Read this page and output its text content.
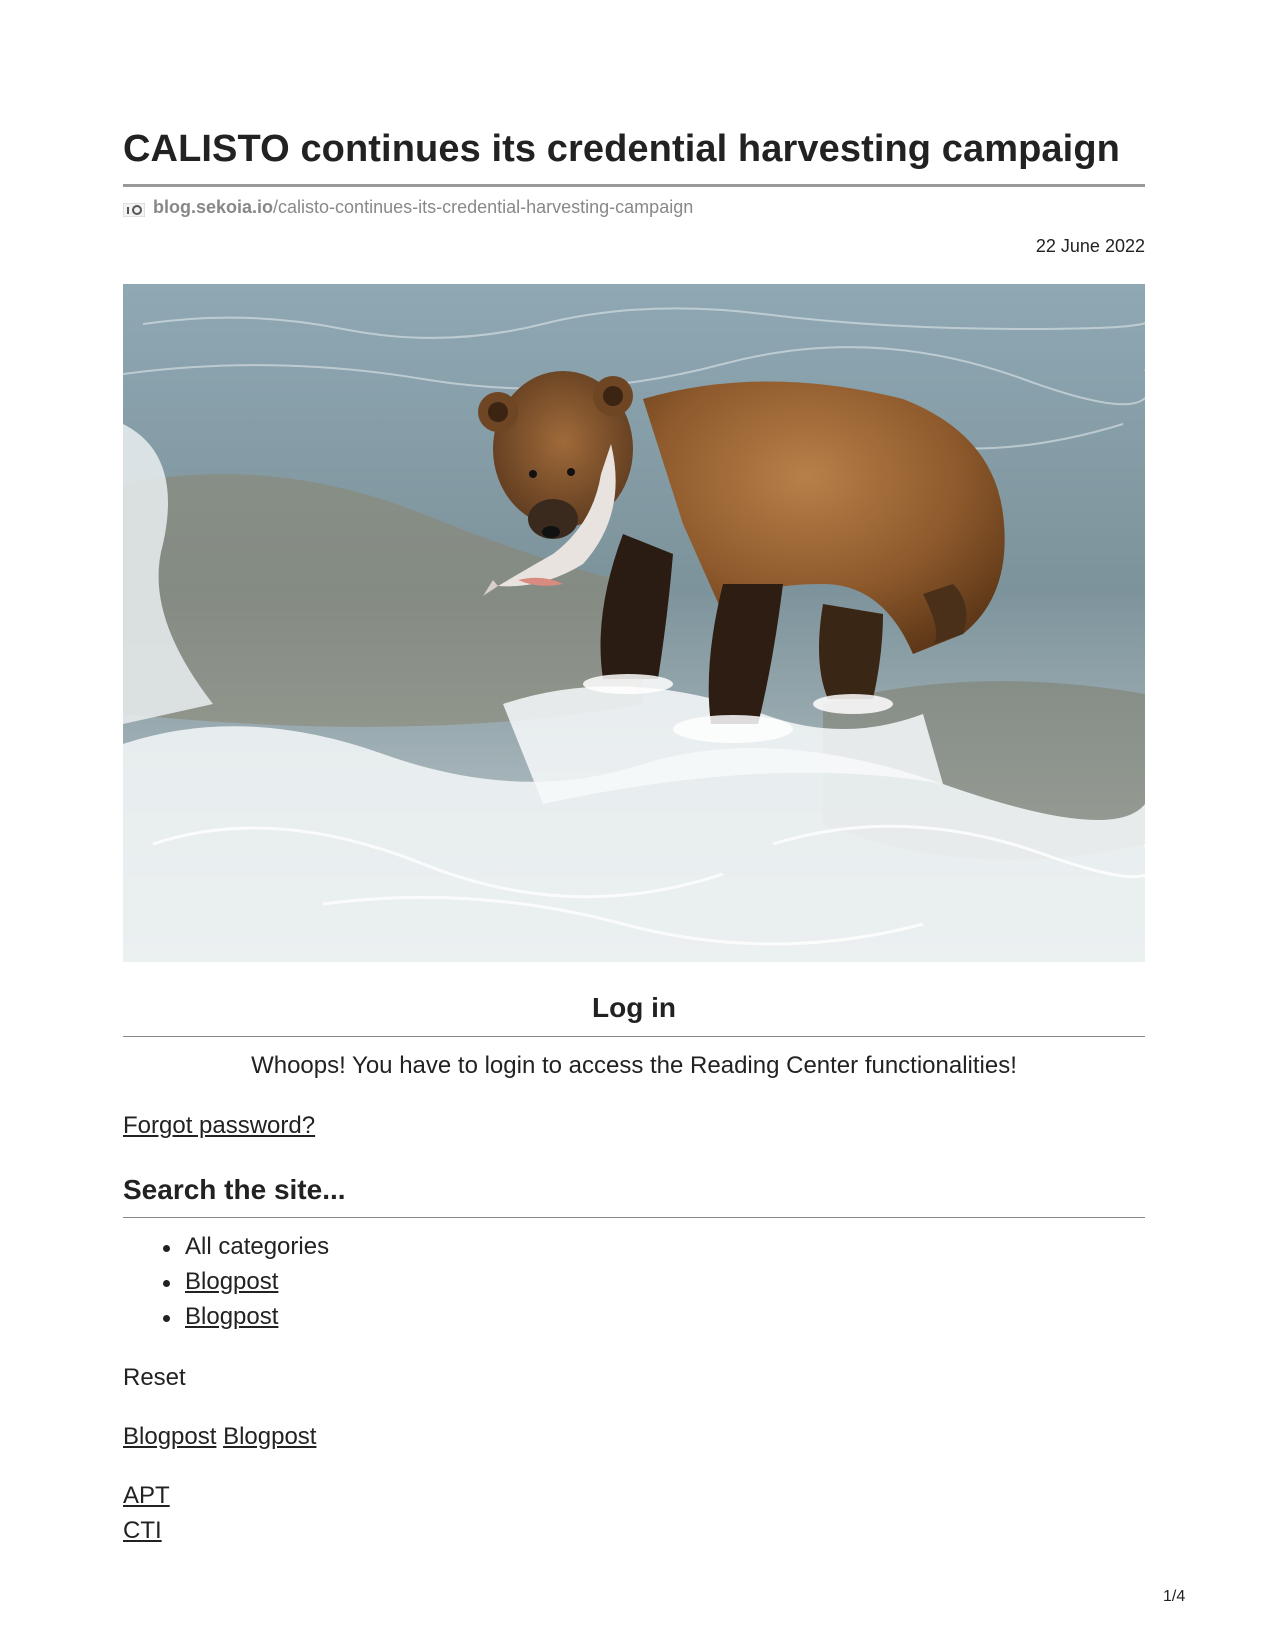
CALISTO continues its credential harvesting campaign
blog.sekoia.io /calisto-continues-its-credential-harvesting-campaign
22 June 2022
Log in
Whoops! You have to login to access the Reading Center functionalities!
Forgot password?
Search the site...
All categories
Blogpost
Blogpost
Reset
Blogpost Blogpost
APT
CTI
1/4
